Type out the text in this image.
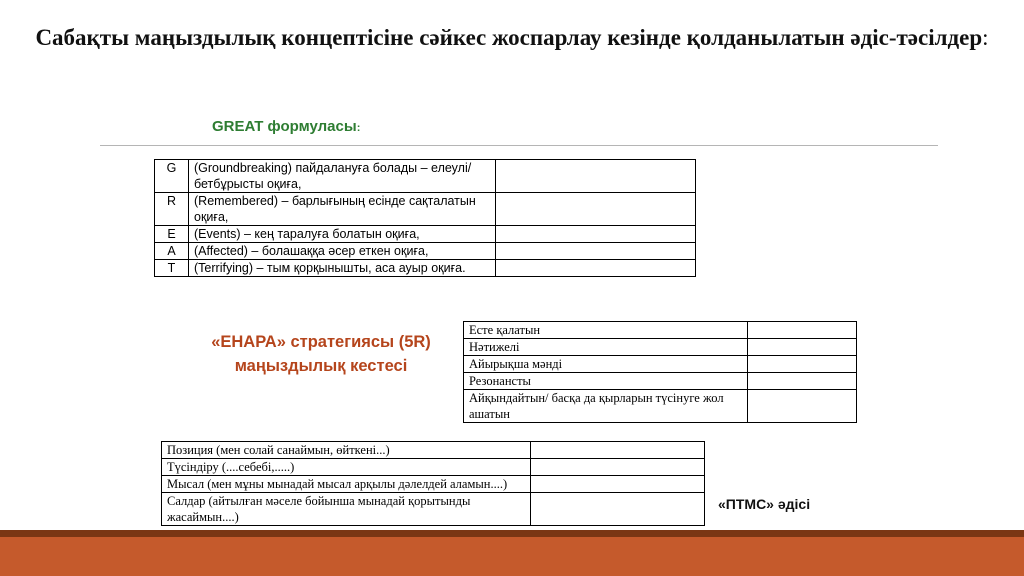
Сабақты маңыздылық концептісіне сәйкес жоспарлау кезінде қолданылатын әдіс-тәсілдер:
GREAT формуласы:
G	(Groundbreaking) пайдалануға болады – елеулі/бетбұрысты оқиға,	
R	(Remembered) – барлығының есінде сақталатын оқиға,	
E	(Events) – кең таралуға болатын оқиға,	
A	(Affected) – болашаққа әсер еткен оқиға,	
T	(Terrifying) – тым қорқынышты, аса ауыр оқиға.	
«ЕНАРА» стратегиясы (5R) маңыздылық кестесі
Есте қалатын	
Нәтижелі	
Айырықша мәнді	
Резонансты	
Айқындайтын/ басқа да қырларын түсінуге жол ашатын	
Позиция (мен солай санаймын, өйткені...)	
Түсіндіру (....себебі,.....)	
Мысал (мен мұны мынадай мысал арқылы дәлелдей аламын....)	
Салдар (айтылған мәселе бойынша мынадай қорытынды жасаймын....)	
«ПТМС» әдісі
